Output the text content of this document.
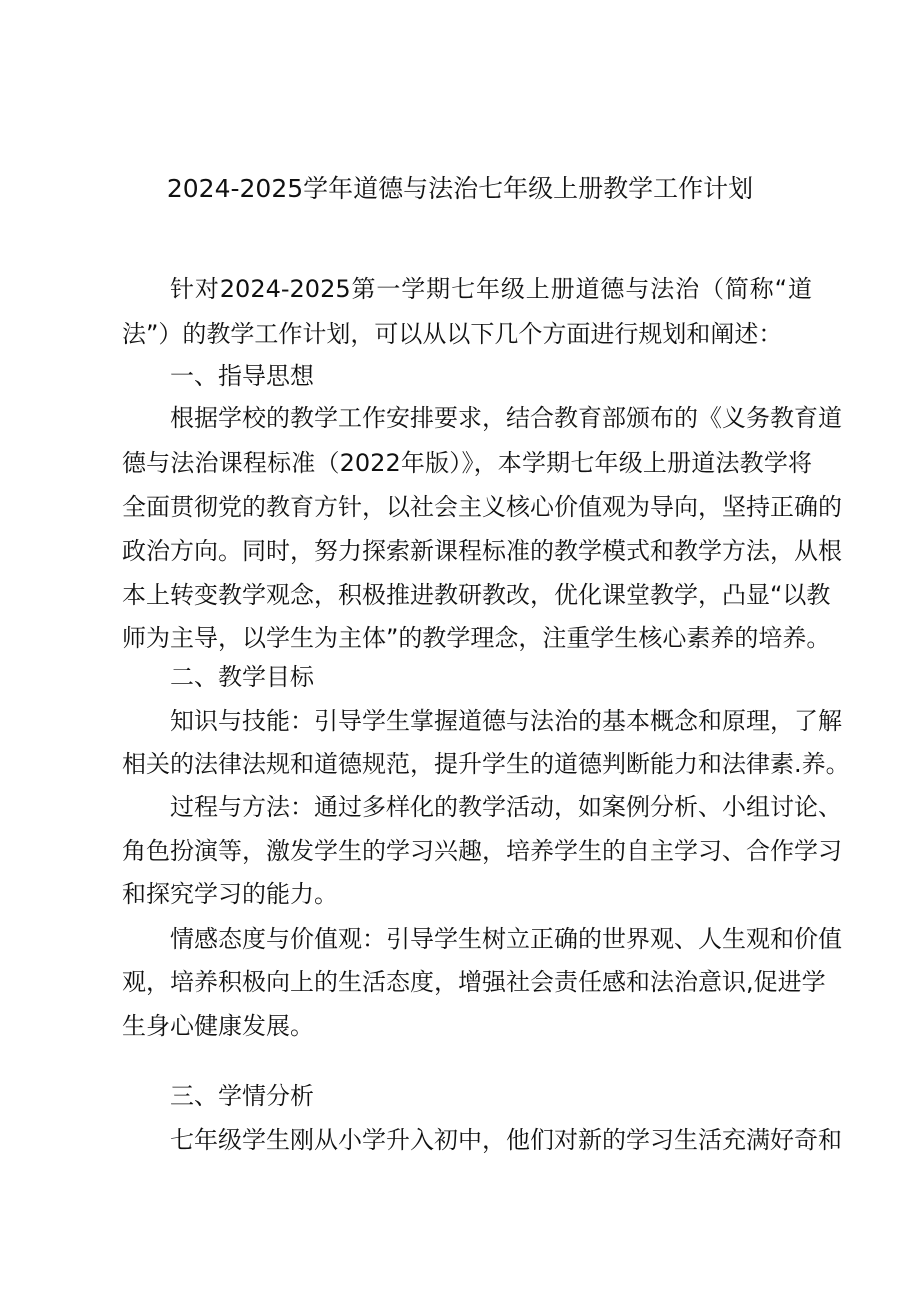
2024-2025学年道德与法治七年级上册教学工作计划
针对2024-2025第一学期七年级上册道德与法治（简称“道
法”）的教学工作计划，可以从以下几个方面进行规划和阐述：
一、指导思想
根据学校的教学工作安排要求，结合教育部颁布的《义务教育道
德与法治课程标准（2022年版）》，本学期七年级上册道法教学将
全面贯彻党的教育方针，以社会主义核心价值观为导向，坚持正确的
政治方向。同时，努力探索新课程标准的教学模式和教学方法，从根
本上转变教学观念，积极推进教研教改，优化课堂教学，凸显“以教
师为主导，以学生为主体”的教学理念，注重学生核心素养的培养。
二、教学目标
知识与技能：引导学生掌握道德与法治的基本概念和原理，了解
相关的法律法规和道德规范，提升学生的道德判断能力和法律素.养。
过程与方法：通过多样化的教学活动，如案例分析、小组讨论、
角色扮演等，激发学生的学习兴趣，培养学生的自主学习、合作学习
和探究学习的能力。
情感态度与价值观：引导学生树立正确的世界观、人生观和价值
观，培养积极向上的生活态度，增强社会责任感和法治意识,促进学
生身心健康发展。
三、学情分析
七年级学生刚从小学升入初中，他们对新的学习生活充满好奇和
